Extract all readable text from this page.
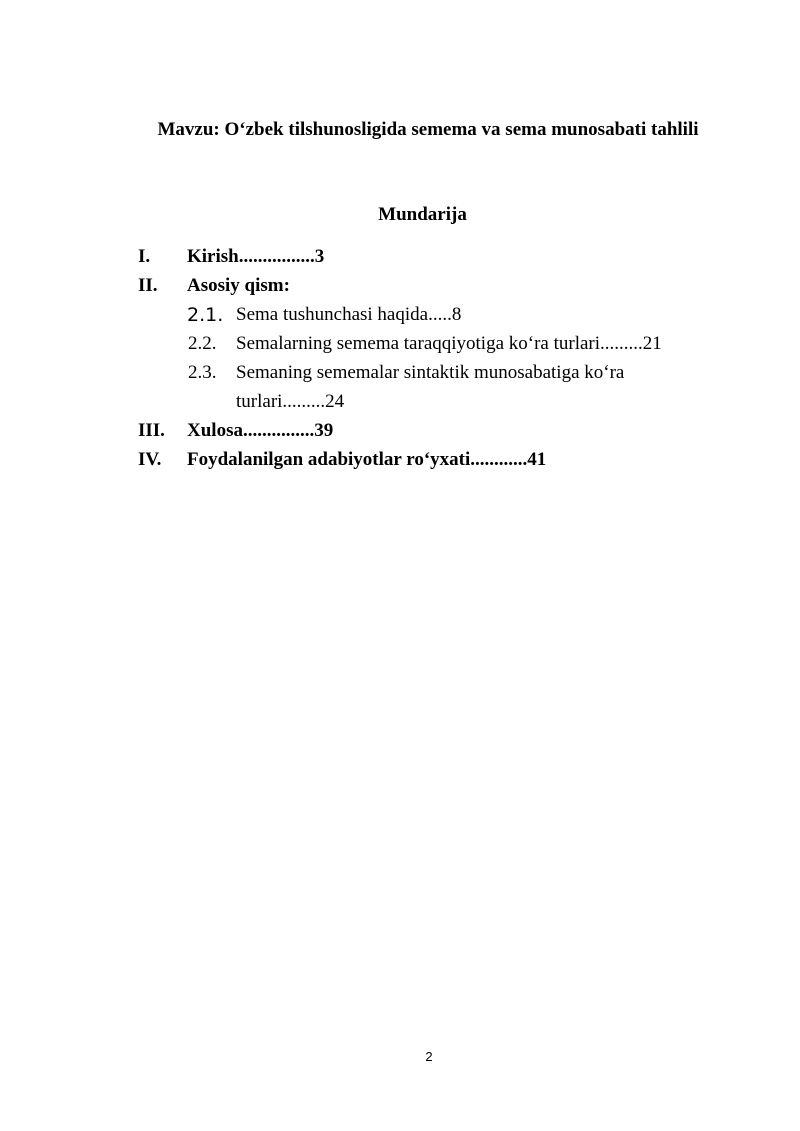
Mavzu: O‘zbek tilshunosligida semema va sema munosabati tahlili
Mundarija
I. Kirish................3
II. Asosiy qism:
2.1. Sema tushunchasi haqida.....8
2.2. Semalarning semema taraqqiyotiga ko‘ra turlari.........21
2.3. Semaning sememalar sintaktik munosabatiga ko‘ra
turlari.........24
III. Xulosa...............39
IV. Foydalanilgan adabiyotlar ro‘yxati............41
2
